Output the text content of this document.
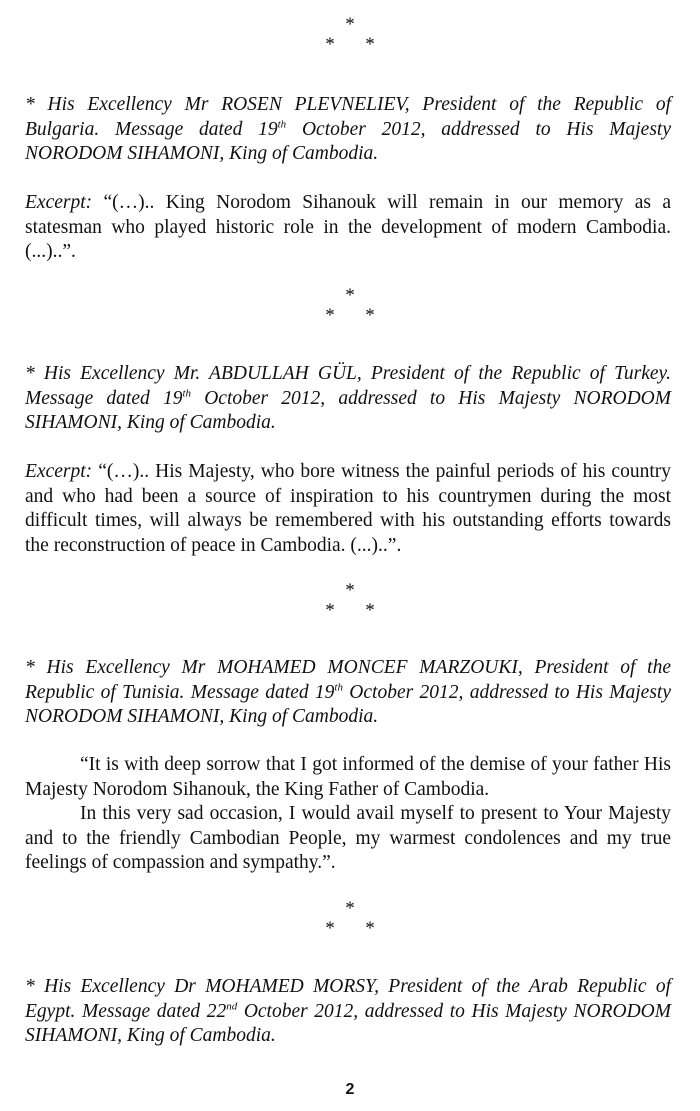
*
* *
* His Excellency Mr ROSEN PLEVNELIEV, President of the Republic of Bulgaria. Message dated 19th October 2012, addressed to His Majesty NORODOM SIHAMONI, King of Cambodia.
Excerpt: “(…).. King Norodom Sihanouk will remain in our memory as a statesman who played historic role in the development of modern Cambodia. (...)..”.
*
* *
* His Excellency Mr. ABDULLAH GÜL, President of the Republic of Turkey. Message dated 19th October 2012, addressed to His Majesty NORODOM SIHAMONI, King of Cambodia.
Excerpt: “(…).. His Majesty, who bore witness the painful periods of his country and who had been a source of inspiration to his countrymen during the most difficult times, will always be remembered with his outstanding efforts towards the reconstruction of peace in Cambodia. (...)..”.
*
* *
* His Excellency Mr MOHAMED MONCEF MARZOUKI, President of the Republic of Tunisia. Message dated 19th October 2012, addressed to His Majesty NORODOM SIHAMONI, King of Cambodia.
“It is with deep sorrow that I got informed of the demise of your father His Majesty Norodom Sihanouk, the King Father of Cambodia.
In this very sad occasion, I would avail myself to present to Your Majesty and to the friendly Cambodian People, my warmest condolences and my true feelings of compassion and sympathy.”.
*
* *
* His Excellency Dr MOHAMED MORSY, President of the Arab Republic of Egypt. Message dated 22nd October 2012, addressed to His Majesty NORODOM SIHAMONI, King of Cambodia.
2
